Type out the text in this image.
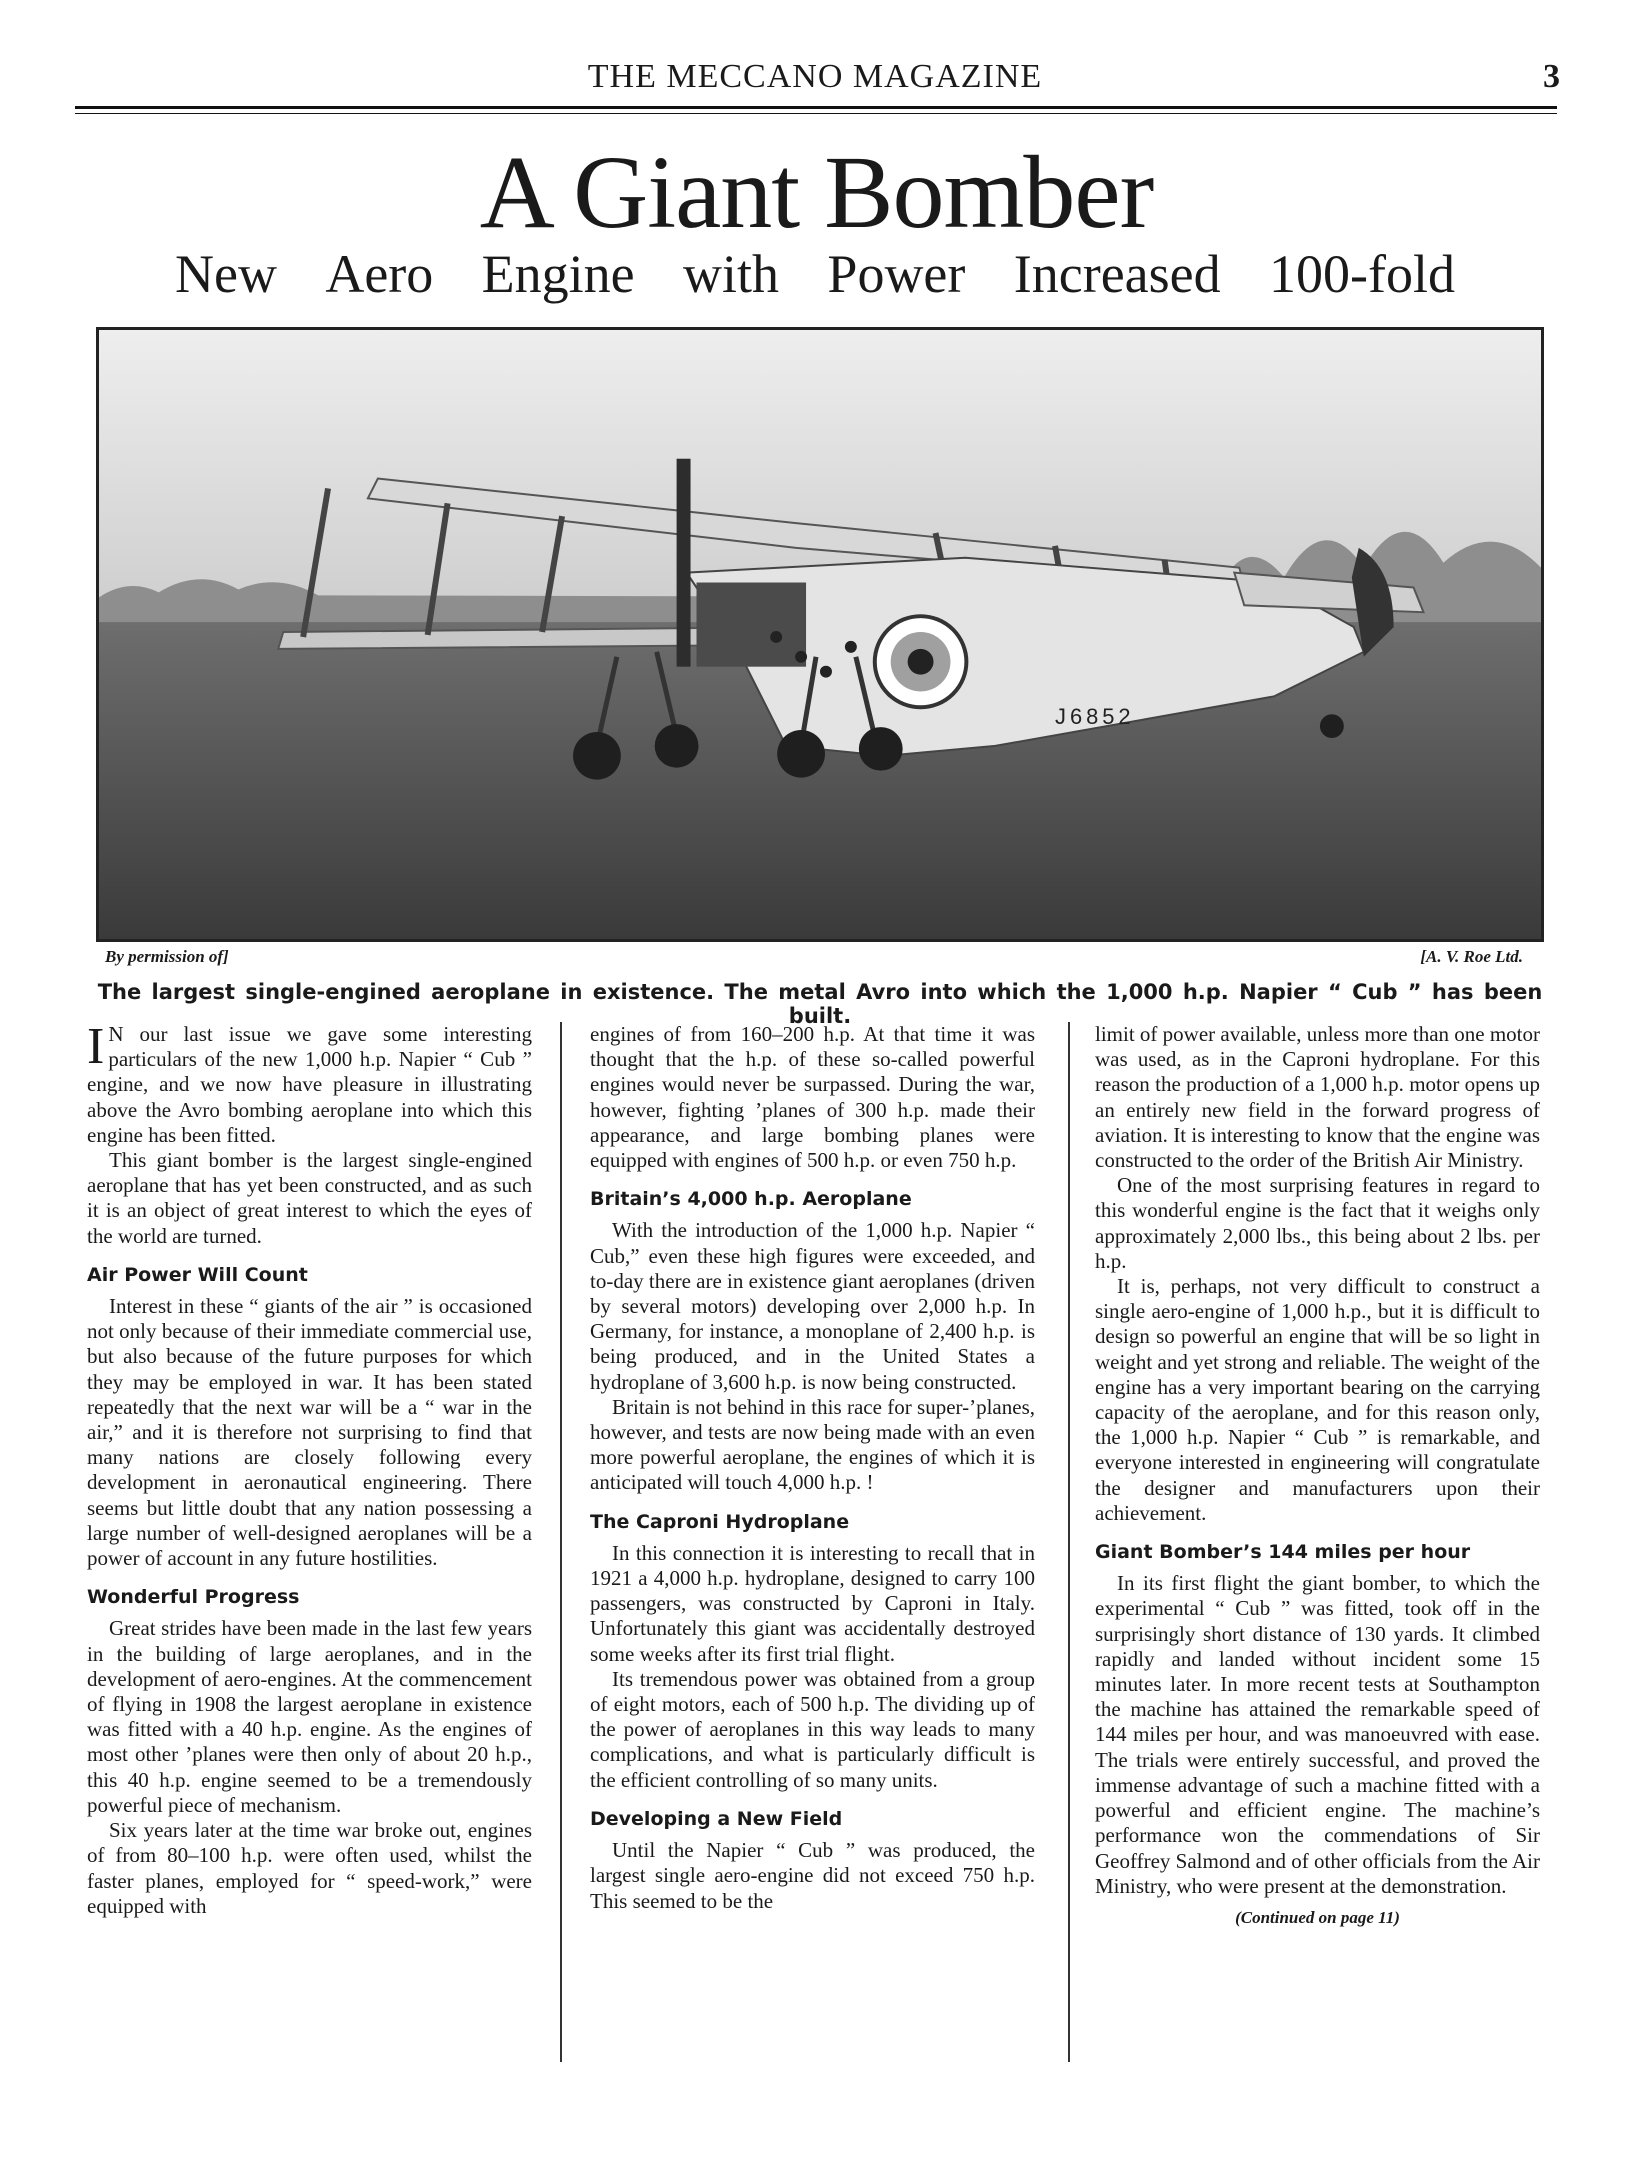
THE MECCANO MAGAZINE	3
A Giant Bomber
New Aero Engine with Power Increased 100-fold
J6852
By permission of]	[A. V. Roe Ltd.
The largest single-engined aeroplane in existence. The metal Avro into which the 1,000 h.p. Napier “ Cub ” has been built.

I N our last issue we gave some interesting particulars of the new 1,000 h.p. Napier “ Cub ” engine, and we now have pleasure in illustrating above the Avro bombing aeroplane into which this engine has been fitted.

This giant bomber is the largest single-engined aeroplane that has yet been constructed, and as such it is an object of great interest to which the eyes of the world are turned.

Air Power Will Count

Interest in these “ giants of the air ” is occasioned not only because of their immediate commercial use, but also because of the future purposes for which they may be employed in war. It has been stated repeatedly that the next war will be a “ war in the air,” and it is therefore not surprising to find that many nations are closely following every development in aeronautical engineering. There seems but little doubt that any nation possessing a large number of well-designed aeroplanes will be a power of account in any future hostilities.

Wonderful Progress

Great strides have been made in the last few years in the building of large aeroplanes, and in the development of aero-engines. At the commencement of flying in 1908 the largest aeroplane in existence was fitted with a 40 h.p. engine. As the engines of most other ’planes were then only of about 20 h.p., this 40 h.p. engine seemed to be a tremendously powerful piece of mechanism.

Six years later at the time war broke out, engines of from 80–100 h.p. were often used, whilst the faster planes, employed for “ speed-work,” were equipped with

engines of from 160–200 h.p. At that time it was thought that the h.p. of these so-called powerful engines would never be surpassed. During the war, however, fighting ’planes of 300 h.p. made their appearance, and large bombing planes were equipped with engines of 500 h.p. or even 750 h.p.

Britain’s 4,000 h.p. Aeroplane

With the introduction of the 1,000 h.p. Napier “ Cub,” even these high figures were exceeded, and to-day there are in existence giant aeroplanes (driven by several motors) developing over 2,000 h.p. In Germany, for instance, a monoplane of 2,400 h.p. is being produced, and in the United States a hydroplane of 3,600 h.p. is now being constructed.

Britain is not behind in this race for super-’planes, however, and tests are now being made with an even more powerful aeroplane, the engines of which it is anticipated will touch 4,000 h.p. !

The Caproni Hydroplane

In this connection it is interesting to recall that in 1921 a 4,000 h.p. hydroplane, designed to carry 100 passengers, was constructed by Caproni in Italy. Unfortunately this giant was accidentally destroyed some weeks after its first trial flight.

Its tremendous power was obtained from a group of eight motors, each of 500 h.p. The dividing up of the power of aeroplanes in this way leads to many complications, and what is particularly difficult is the efficient controlling of so many units.

Developing a New Field

Until the Napier “ Cub ” was produced, the largest single aero-engine did not exceed 750 h.p. This seemed to be the

limit of power available, unless more than one motor was used, as in the Caproni hydroplane. For this reason the production of a 1,000 h.p. motor opens up an entirely new field in the forward progress of aviation. It is interesting to know that the engine was constructed to the order of the British Air Ministry.

One of the most surprising features in regard to this wonderful engine is the fact that it weighs only approximately 2,000 lbs., this being about 2 lbs. per h.p.

It is, perhaps, not very difficult to construct a single aero-engine of 1,000 h.p., but it is difficult to design so powerful an engine that will be so light in weight and yet strong and reliable. The weight of the engine has a very important bearing on the carrying capacity of the aeroplane, and for this reason only, the 1,000 h.p. Napier “ Cub ” is remarkable, and everyone interested in engineering will congratulate the designer and manufacturers upon their achievement.

Giant Bomber’s 144 miles per hour

In its first flight the giant bomber, to which the experimental “ Cub ” was fitted, took off in the surprisingly short distance of 130 yards. It climbed rapidly and landed without incident some 15 minutes later. In more recent tests at Southampton the machine has attained the remarkable speed of 144 miles per hour, and was manoeuvred with ease. The trials were entirely successful, and proved the immense advantage of such a machine fitted with a powerful and efficient engine. The machine’s performance won the commendations of Sir Geoffrey Salmond and of other officials from the Air Ministry, who were present at the demonstration.

(Continued on page 11)
